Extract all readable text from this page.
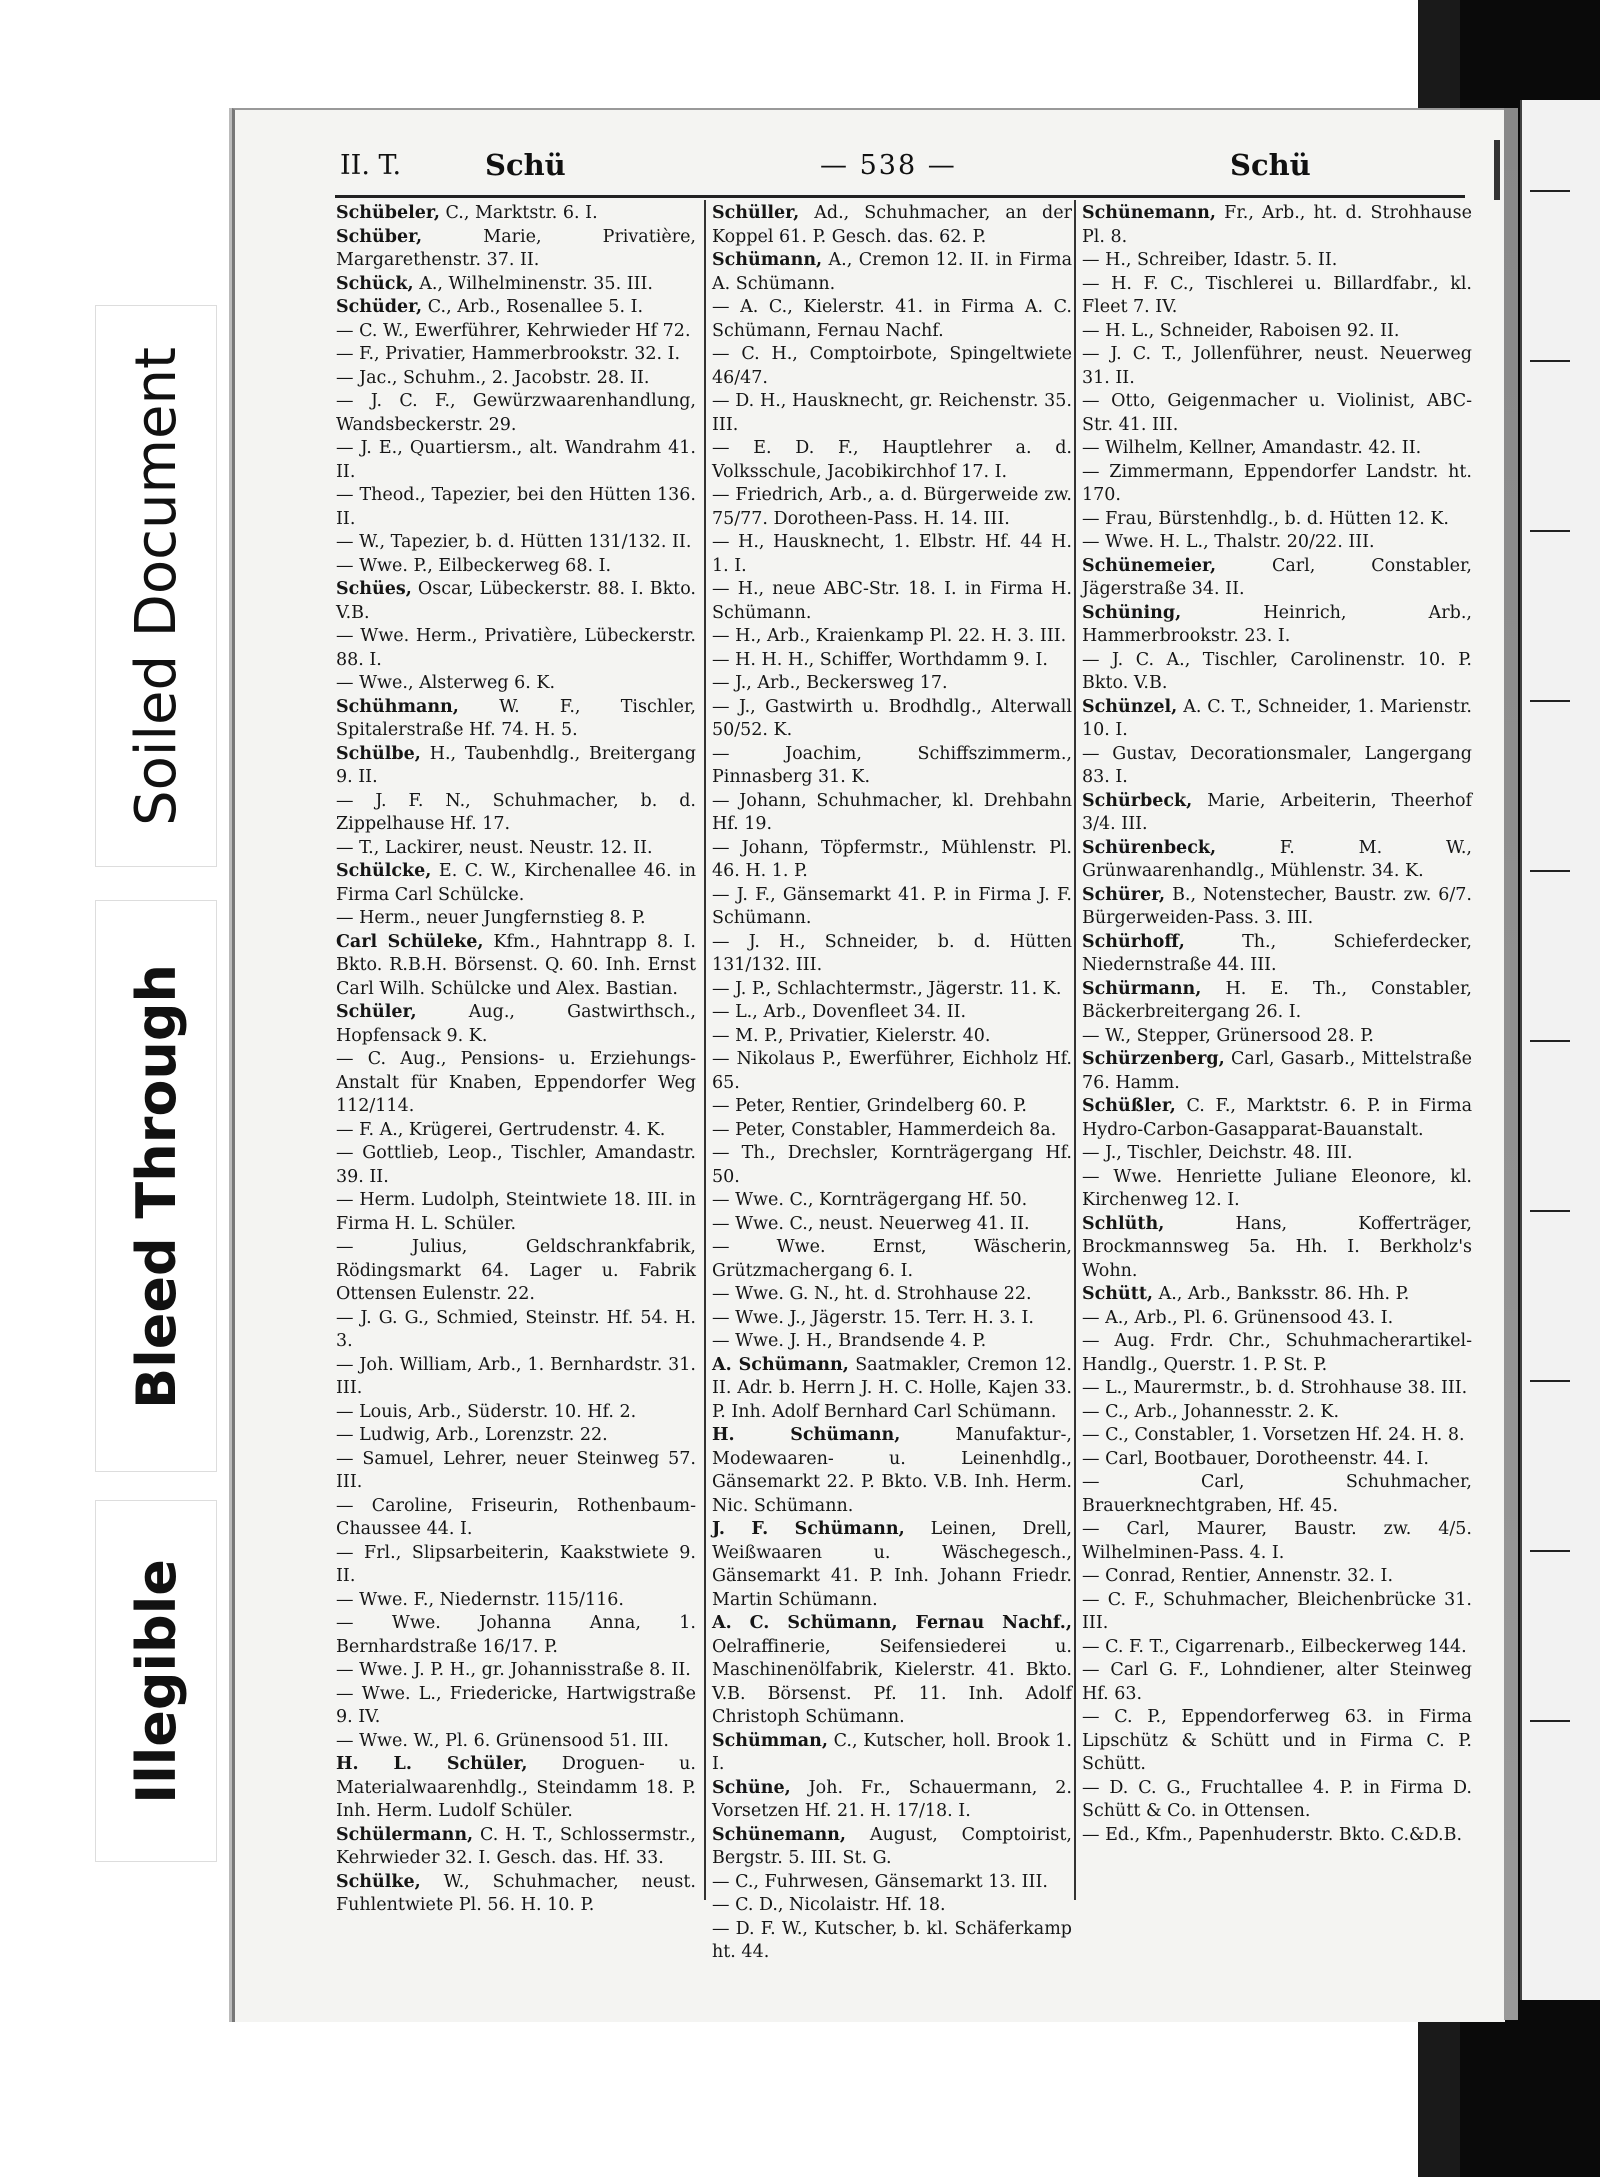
Soiled Document
Bleed Through
Illegible
II. T.	Schü	— 538 —	Schü

Schübeler, C., Marktstr. 6. I.

Schüber,	Marie, Privatière, Margarethenstr. 37. II.

Schück, A., Wilhelminenstr. 35. III.

Schüder, C., Arb., Rosenallee 5. I.

— C. W., Ewerführer, Kehrwieder Hf 72.

— F., Privatier, Hammerbrookstr. 32. I.

— Jac., Schuhm., 2. Jacobstr. 28. II.

— J. C. F., Gewürzwaarenhandlung, Wandsbeckerstr. 29.

— J. E., Quartiersm., alt. Wandrahm 41. II.

— Theod., Tapezier, bei den Hütten 136. II.

— W., Tapezier, b. d. Hütten 131/132. II.

— Wwe. P., Eilbeckerweg 68. I.

Schües, Oscar, Lübeckerstr. 88. I. Bkto. V.B.

— Wwe. Herm., Privatière, Lübeckerstr. 88. I.

— Wwe., Alsterweg 6. K.

Schühmann, W. F., Tischler, Spitalerstraße Hf. 74. H. 5.

Schülbe, H., Taubenhdlg., Breitergang 9. II.

— J. F. N., Schuhmacher, b. d. Zippelhause Hf. 17.

— T., Lackirer, neust. Neustr. 12. II.

Schülcke, E. C. W., Kirchenallee 46. in Firma Carl Schülcke.

— Herm., neuer Jungfernstieg 8. P.

Carl Schüleke, Kfm., Hahntrapp 8. I. Bkto. R.B.H. Börsenst. Q. 60. Inh. Ernst Carl Wilh. Schülcke und Alex. Bastian.

Schüler,	Aug., Gastwirthsch., Hopfensack 9. K.

— C. Aug., Pensions- u. Erziehungs-Anstalt für Knaben, Eppendorfer Weg 112/114.

— F. A., Krügerei, Gertrudenstr. 4. K.

— Gottlieb, Leop., Tischler, Amandastr. 39. II.

— Herm. Ludolph, Steintwiete 18. III. in Firma H. L. Schüler.

— Julius, Geldschrankfabrik, Rödingsmarkt 64. Lager u. Fabrik Ottensen Eulenstr. 22.

— J. G. G., Schmied, Steinstr. Hf. 54. H. 3.

— Joh. William, Arb., 1. Bernhardstr. 31. III.

— Louis, Arb., Süderstr. 10. Hf. 2.

— Ludwig, Arb., Lorenzstr. 22.

— Samuel, Lehrer, neuer Steinweg 57. III.

— Caroline, Friseurin, Rothenbaum-Chaussee 44. I.

— Frl., Slipsarbeiterin, Kaakstwiete 9. II.

— Wwe. F., Niedernstr. 115/116.

— Wwe. Johanna Anna, 1. Bernhardstraße 16/17. P.

— Wwe. J. P. H., gr. Johannisstraße 8. II.

— Wwe. L., Friedericke, Hartwigstraße 9. IV.

— Wwe. W., Pl. 6. Grünensood 51. III.

H. L. Schüler, Droguen- u. Materialwaarenhdlg., Steindamm 18. P. Inh. Herm. Ludolf Schüler.

Schülermann, C. H. T., Schlossermstr., Kehrwieder 32. I. Gesch. das. Hf. 33.

Schülke, W., Schuhmacher, neust. Fuhlentwiete Pl. 56. H. 10. P.

Schüller, Ad., Schuhmacher, an der Koppel 61. P. Gesch. das. 62. P.

Schümann, A., Cremon 12. II. in Firma A. Schümann.

— A. C., Kielerstr. 41. in Firma A. C. Schümann, Fernau Nachf.

— C. H., Comptoirbote, Spingeltwiete 46/47.

— D. H., Hausknecht, gr. Reichenstr. 35. III.

— E. D. F., Hauptlehrer a. d. Volksschule, Jacobikirchhof 17. I.

— Friedrich, Arb., a. d. Bürgerweide zw. 75/77. Dorotheen-Pass. H. 14. III.

— H., Hausknecht, 1. Elbstr. Hf. 44 H. 1. I.

— H., neue ABC-Str. 18. I. in Firma H. Schümann.

— H., Arb., Kraienkamp Pl. 22. H. 3. III.

— H. H. H., Schiffer, Worthdamm 9. I.

— J., Arb., Beckersweg 17.

— J., Gastwirth u. Brodhdlg., Alterwall 50/52. K.

— Joachim, Schiffszimmerm., Pinnasberg 31. K.

— Johann, Schuhmacher, kl. Drehbahn Hf. 19.

— Johann, Töpfermstr., Mühlenstr. Pl. 46. H. 1. P.

— J. F., Gänsemarkt 41. P. in Firma J. F. Schümann.

— J. H., Schneider, b. d. Hütten 131/132. III.

— J. P., Schlachtermstr., Jägerstr. 11. K.

— L., Arb., Dovenfleet 34. II.

— M. P., Privatier, Kielerstr. 40.

— Nikolaus P., Ewerführer, Eichholz Hf. 65.

— Peter, Rentier, Grindelberg 60. P.

— Peter, Constabler, Hammerdeich 8a.

— Th., Drechsler, Kornträgergang Hf. 50.

— Wwe. C., Kornträgergang Hf. 50.

— Wwe. C., neust. Neuerweg 41. II.

— Wwe. Ernst, Wäscherin, Grützmachergang 6. I.

— Wwe. G. N., ht. d. Strohhause 22.

— Wwe. J., Jägerstr. 15. Terr. H. 3. I.

— Wwe. J. H., Brandsende 4. P.

A. Schümann, Saatmakler, Cremon 12. II. Adr. b. Herrn J. H. C. Holle, Kajen 33. P. Inh. Adolf Bernhard Carl Schümann.

H. Schümann,	Manufaktur-, Modewaaren- u. Leinenhdlg., Gänsemarkt 22. P. Bkto. V.B. Inh. Herm. Nic. Schümann.

J. F. Schümann, Leinen, Drell, Weißwaaren u. Wäschegesch., Gänsemarkt 41. P. Inh. Johann Friedr. Martin Schümann.

A. C. Schümann, Fernau Nachf., Oelraffinerie, Seifensiederei u. Maschinenölfabrik, Kielerstr. 41. Bkto. V.B. Börsenst. Pf. 11. Inh. Adolf Christoph Schümann.

Schümman, C., Kutscher, holl. Brook 1. I.

Schüne, Joh. Fr., Schauermann, 2. Vorsetzen Hf. 21. H. 17/18. I.

Schünemann, August, Comptoirist, Bergstr. 5. III. St. G.

— C., Fuhrwesen, Gänsemarkt 13. III.

— C. D., Nicolaistr. Hf. 18.

— D. F. W., Kutscher, b. kl. Schäferkamp ht. 44.

Schünemann, Fr., Arb., ht. d. Strohhause Pl. 8.

— H., Schreiber, Idastr. 5. II.

— H. F. C., Tischlerei u. Billardfabr., kl. Fleet 7. IV.

— H. L., Schneider, Raboisen 92. II.

— J. C. T., Jollenführer, neust. Neuerweg 31. II.

— Otto, Geigenmacher u. Violinist, ABC-Str. 41. III.

— Wilhelm, Kellner, Amandastr. 42. II.

— Zimmermann, Eppendorfer Landstr. ht. 170.

— Frau, Bürstenhdlg., b. d. Hütten 12. K.

— Wwe. H. L., Thalstr. 20/22. III.

Schünemeier,	Carl, Constabler, Jägerstraße 34. II.

Schüning,	Heinrich, Arb., Hammerbrookstr. 23. I.

— J. C. A., Tischler, Carolinenstr. 10. P. Bkto. V.B.

Schünzel, A. C. T., Schneider, 1. Marienstr. 10. I.

— Gustav, Decorationsmaler, Langergang 83. I.

Schürbeck, Marie, Arbeiterin, Theerhof 3/4. III.

Schürenbeck,	F. M. W., Grünwaarenhandlg., Mühlenstr. 34. K.

Schürer, B., Notenstecher, Baustr. zw. 6/7. Bürgerweiden-Pass. 3. III.

Schürhoff,	Th., Schieferdecker, Niedernstraße 44. III.

Schürmann, H. E. Th., Constabler, Bäckerbreitergang 26. I.

— W., Stepper, Grünersood 28. P.

Schürzenberg, Carl, Gasarb., Mittelstraße 76. Hamm.

Schüßler, C. F., Marktstr. 6. P. in Firma Hydro-Carbon-Gasapparat-Bauanstalt.

— J., Tischler, Deichstr. 48. III.

— Wwe. Henriette Juliane Eleonore, kl. Kirchenweg 12. I.

Schlüth,	Hans, Kofferträger, Brockmannsweg 5a. Hh. I. Berkholz's Wohn.

Schütt, A., Arb., Banksstr. 86. Hh. P.

— A., Arb., Pl. 6. Grünensood 43. I.

— Aug. Frdr. Chr., Schuhmacherartikel-Handlg., Querstr. 1. P. St. P.

— L., Maurermstr., b. d. Strohhause 38. III.

— C., Arb., Johannesstr. 2. K.

— C., Constabler, 1. Vorsetzen Hf. 24. H. 8.

— Carl, Bootbauer, Dorotheenstr. 44. I.

— Carl, Schuhmacher, Brauerknechtgraben, Hf. 45.

— Carl, Maurer, Baustr. zw. 4/5. Wilhelminen-Pass. 4. I.

— Conrad, Rentier, Annenstr. 32. I.

— C. F., Schuhmacher, Bleichenbrücke 31. III.

— C. F. T., Cigarrenarb., Eilbeckerweg 144.

— Carl G. F., Lohndiener, alter Steinweg Hf. 63.

— C. P., Eppendorferweg 63. in Firma Lipschütz & Schütt und in Firma C. P. Schütt.

— D. C. G., Fruchtallee 4. P. in Firma D. Schütt & Co. in Ottensen.

— Ed., Kfm., Papenhuderstr. Bkto. C.&D.B.
